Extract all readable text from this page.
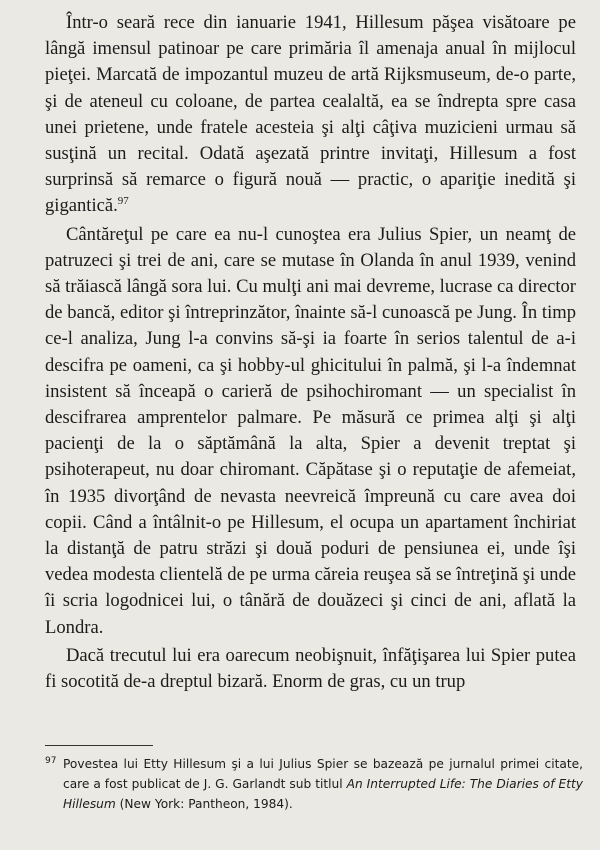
Într-o seară rece din ianuarie 1941, Hillesum păşea visătoare pe lângă imensul patinoar pe care primăria îl amenaja anual în mijlocul pieţei. Marcată de impozantul muzeu de artă Rijksmuseum, de-o parte, şi de ateneul cu coloane, de partea cealaltă, ea se îndrepta spre casa unei prietene, unde fratele acesteia şi alţi câţiva muzicieni urmau să susţină un recital. Odată aşezată printre invitaţi, Hillesum a fost surprinsă să remarce o figură nouă — practic, o apariţie inedită şi gigantică.$^{97}$

Cântăreţul pe care ea nu-l cunoştea era Julius Spier, un neamţ de patruzeci şi trei de ani, care se mutase în Olanda în anul 1939, venind să trăiască lângă sora lui. Cu mulţi ani mai devreme, lucrase ca director de bancă, editor şi întreprinzător, înainte să-l cunoască pe Jung. În timp ce-l analiza, Jung l-a convins să-şi ia foarte în serios talentul de a-i descifra pe oameni, ca şi hobby-ul ghicitului în palmă, şi l-a îndemnat insistent să înceapă o carieră de psihochiromant — un specialist în descifrarea amprentelor palmare. Pe măsură ce primea alţi şi alţi pacienţi de la o săptămână la alta, Spier a devenit treptat şi psihoterapeut, nu doar chiromant. Căpătase şi o reputaţie de afemeiat, în 1935 divorţând de nevasta neevreică împreună cu care avea doi copii. Când a întâlnit-o pe Hillesum, el ocupa un apartament închiriat la distanţă de patru străzi şi două poduri de pensiunea ei, unde îşi vedea modesta clientelă de pe urma căreia reuşea să se întreţină şi unde îi scria logodnicei lui, o tânără de douăzeci şi cinci de ani, aflată la Londra.

Dacă trecutul lui era oarecum neobişnuit, înfăţişarea lui Spier putea fi socotită de-a dreptul bizară. Enorm de gras, cu un trup

97 Povestea lui Etty Hillesum şi a lui Julius Spier se bazează pe jurnalul primei citate, care a fost publicat de J. G. Garlandt sub titlul An Interrupted Life: The Diaries of Etty Hillesum (New York: Pantheon, 1984).
